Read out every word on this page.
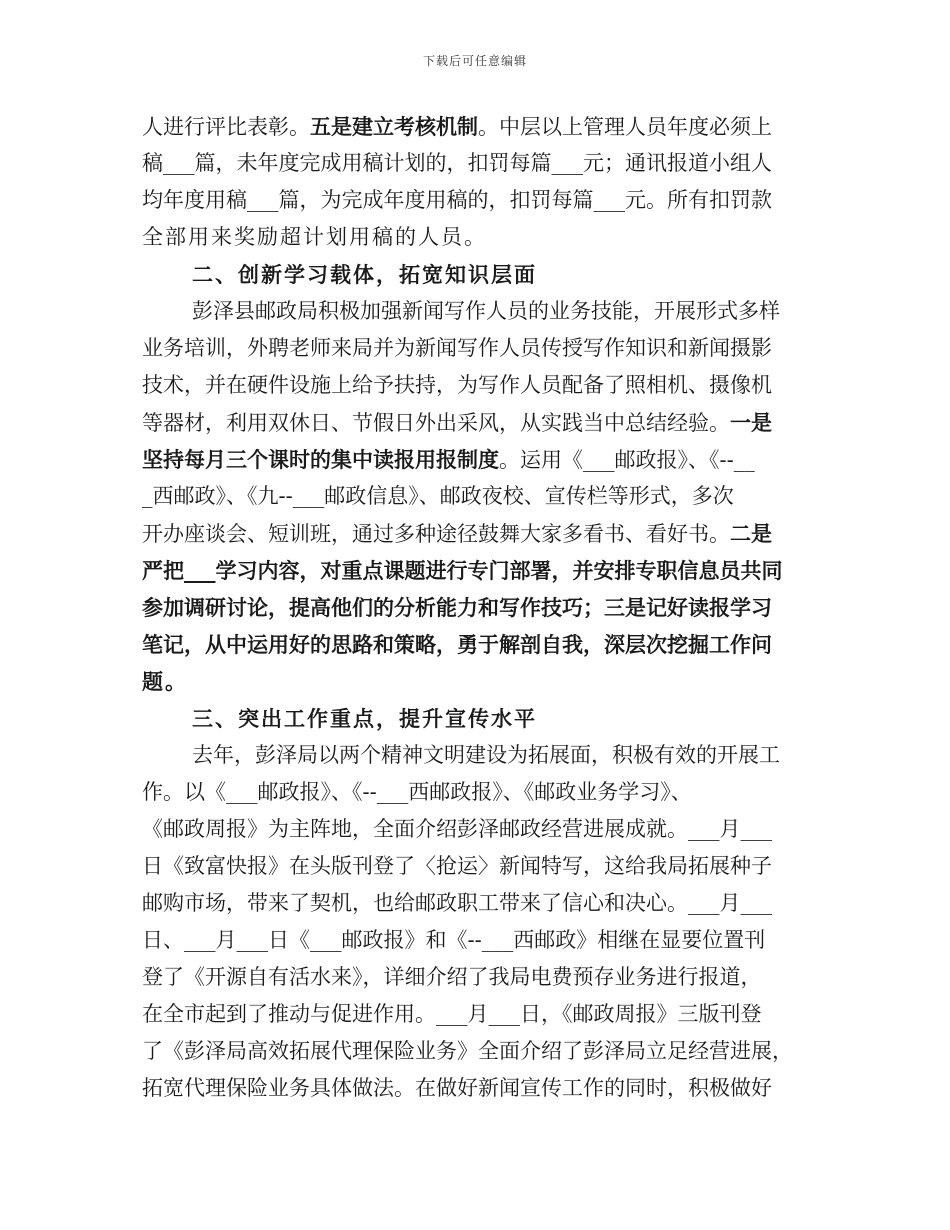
下载后可任意编辑
人进行评比表彰。五是建立考核机制。中层以上管理人员年度必须上
稿___篇，未年度完成用稿计划的，扣罚每篇___元；通讯报道小组人
均年度用稿___篇，为完成年度用稿的，扣罚每篇___元。所有扣罚款
全部用来奖励超计划用稿的人员。
二、创新学习载体，拓宽知识层面
彭泽县邮政局积极加强新闻写作人员的业务技能，开展形式多样
业务培训，外聘老师来局并为新闻写作人员传授写作知识和新闻摄影
技术，并在硬件设施上给予扶持，为写作人员配备了照相机、摄像机
等器材，利用双休日、节假日外出采风，从实践当中总结经验。一是
坚持每月三个课时的集中读报用报制度。运用《___邮政报》、《--__
_西邮政》、《九--___邮政信息》、邮政夜校、宣传栏等形式，多次
开办座谈会、短训班，通过多种途径鼓舞大家多看书、看好书。二是
严把___学习内容，对重点课题进行专门部署，并安排专职信息员共同
参加调研讨论，提高他们的分析能力和写作技巧；三是记好读报学习
笔记，从中运用好的思路和策略，勇于解剖自我，深层次挖掘工作问
题。
三、突出工作重点，提升宣传水平
去年，彭泽局以两个精神文明建设为拓展面，积极有效的开展工
作。以《___邮政报》、《--___西邮政报》、《邮政业务学习》、
《邮政周报》为主阵地，全面介绍彭泽邮政经营进展成就。___月___
日《致富快报》在头版刊登了〈抢运〉新闻特写，这给我局拓展种子
邮购市场，带来了契机，也给邮政职工带来了信心和决心。___月___
日、___月___日《___邮政报》和《--___西邮政》相继在显要位置刊
登了《开源自有活水来》，详细介绍了我局电费预存业务进行报道，
在全市起到了推动与促进作用。___月___日，《邮政周报》三版刊登
了《彭泽局高效拓展代理保险业务》全面介绍了彭泽局立足经营进展，
拓宽代理保险业务具体做法。在做好新闻宣传工作的同时，积极做好
